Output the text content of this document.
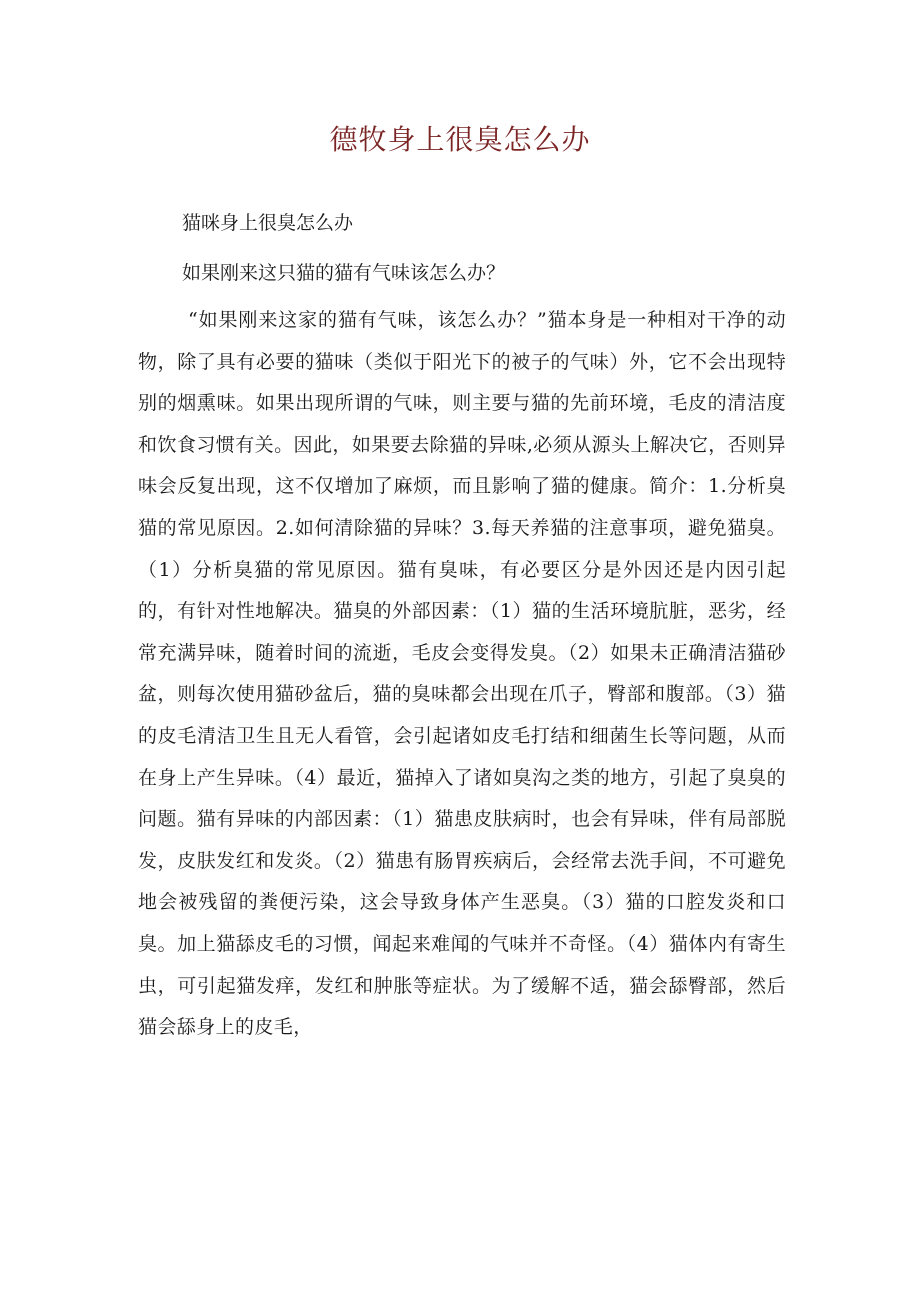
德牧身上很臭怎么办

猫咪身上很臭怎么办

如果刚来这只猫的猫有气味该怎么办？

“如果刚来这家的猫有气味，该怎么办？”猫本身是一种相对干净的动物，除了具有必要的猫味（类似于阳光下的被子的气味）外，它不会出现特别的烟熏味。如果出现所谓的气味，则主要与猫的先前环境，毛皮的清洁度和饮食习惯有关。因此，如果要去除猫的异味,必须从源头上解决它，否则异味会反复出现，这不仅增加了麻烦，而且影响了猫的健康。简介：1.分析臭猫的常见原因。2.如何清除猫的异味？3.每天养猫的注意事项，避免猫臭。（1）分析臭猫的常见原因。猫有臭味，有必要区分是外因还是内因引起的，有针对性地解决。猫臭的外部因素：（1）猫的生活环境肮脏，恶劣，经常充满异味，随着时间的流逝，毛皮会变得发臭。（2）如果未正确清洁猫砂盆，则每次使用猫砂盆后，猫的臭味都会出现在爪子，臀部和腹部。（3）猫的皮毛清洁卫生且无人看管，会引起诸如皮毛打结和细菌生长等问题，从而在身上产生异味。（4）最近，猫掉入了诸如臭沟之类的地方，引起了臭臭的问题。猫有异味的内部因素：（1）猫患皮肤病时，也会有异味，伴有局部脱发，皮肤发红和发炎。（2）猫患有肠胃疾病后，会经常去洗手间，不可避免地会被残留的粪便污染，这会导致身体产生恶臭。（3）猫的口腔发炎和口臭。加上猫舔皮毛的习惯，闻起来难闻的气味并不奇怪。（4）猫体内有寄生虫，可引起猫发痒，发红和肿胀等症状。为了缓解不适，猫会舔臀部，然后猫会舔身上的皮毛，
